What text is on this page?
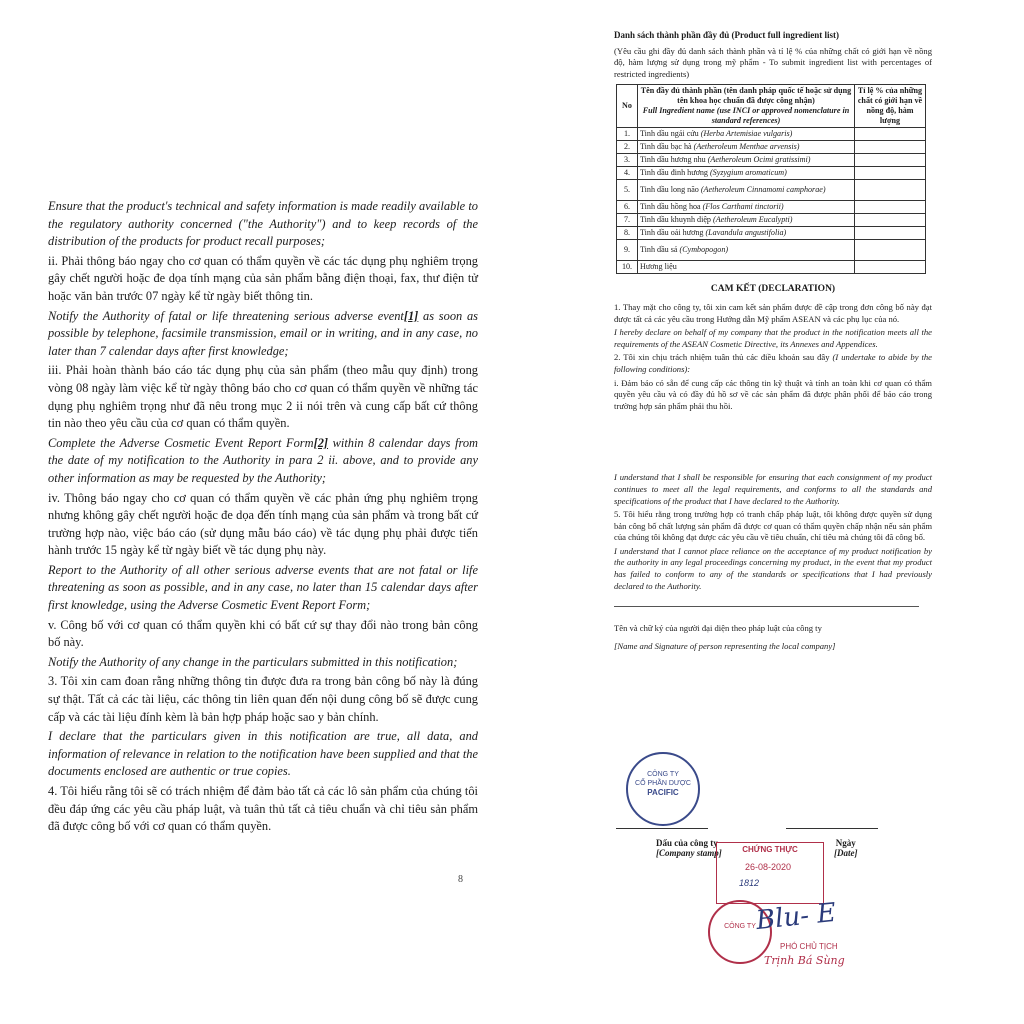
Ensure that the product's technical and safety information is made readily available to the regulatory authority concerned ("the Authority") and to keep records of the distribution of the products for product recall purposes;

ii. Phải thông báo ngay cho cơ quan có thẩm quyền về các tác dụng phụ nghiêm trọng gây chết người hoặc đe dọa tính mạng của sản phẩm bằng điện thoại, fax, thư điện tử hoặc văn bản trước 07 ngày kể từ ngày biết thông tin.

Notify the Authority of fatal or life threatening serious adverse event[1] as soon as possible by telephone, facsimile transmission, email or in writing, and in any case, no later than 7 calendar days after first knowledge;

iii. Phải hoàn thành báo cáo tác dụng phụ của sản phẩm (theo mẫu quy định) trong vòng 08 ngày làm việc kể từ ngày thông báo cho cơ quan có thẩm quyền về những tác dụng phụ nghiêm trọng như đã nêu trong mục 2 ii nói trên và cung cấp bất cứ thông tin nào theo yêu cầu của cơ quan có thẩm quyền.

Complete the Adverse Cosmetic Event Report Form[2] within 8 calendar days from the date of my notification to the Authority in para 2 ii. above, and to provide any other information as may be requested by the Authority;

iv. Thông báo ngay cho cơ quan có thẩm quyền về các phản ứng phụ nghiêm trọng nhưng không gây chết người hoặc đe dọa đến tính mạng của sản phẩm và trong bất cứ trường hợp nào, việc báo cáo (sử dụng mẫu báo cáo) về tác dụng phụ phải được tiến hành trước 15 ngày kể từ ngày biết về tác dụng phụ này.

Report to the Authority of all other serious adverse events that are not fatal or life threatening as soon as possible, and in any case, no later than 15 calendar days after first knowledge, using the Adverse Cosmetic Event Report Form;

v. Công bố với cơ quan có thẩm quyền khi có bất cứ sự thay đổi nào trong bản công bố này.

Notify the Authority of any change in the particulars submitted in this notification;

3. Tôi xin cam đoan rằng những thông tin được đưa ra trong bản công bố này là đúng sự thật. Tất cả các tài liệu, các thông tin liên quan đến nội dung công bố sẽ được cung cấp và các tài liệu đính kèm là bản hợp pháp hoặc sao y bản chính.

I declare that the particulars given in this notification are true, all data, and information of relevance in relation to the notification have been supplied and that the documents enclosed are authentic or true copies.

4. Tôi hiểu rằng tôi sẽ có trách nhiệm để đảm bảo tất cả các lô sản phẩm của chúng tôi đều đáp ứng các yêu cầu pháp luật, và tuân thủ tất cả tiêu chuẩn và chỉ tiêu sản phẩm đã được công bố với cơ quan có thẩm quyền.

8
Danh sách thành phần đầy đủ (Product full ingredient list)

(Yêu cầu ghi đầy đủ danh sách thành phần và tỉ lệ % của những chất có giới hạn về nồng độ, hàm lượng sử dụng trong mỹ phẩm - To submit ingredient list with percentages of restricted ingredients)

No	Tên đầy đủ thành phần (tên danh pháp quốc tế hoặc sử dụng tên khoa học chuẩn đã được công nhận)
Full Ingredient name (use INCI or approved nomenclature in standard references)	Tỉ lệ % của những chất có giới hạn về nồng độ, hàm lượng
1.	Tinh dầu ngải cứu (Herba Artemisiae vulgaris)	
2.	Tinh dầu bạc hà (Aetheroleum Menthae arvensis)	
3.	Tinh dầu hương nhu (Aetheroleum Ocimi gratissimi)	
4.	Tinh dầu đinh hương (Syzygium aromaticum)	
5.	Tinh dầu long não (Aetheroleum Cinnamomi camphorae)	
6.	Tinh dầu hồng hoa (Flos Carthami tinctorii)	
7.	Tinh dầu khuynh diệp (Aetheroleum Eucalypti)	
8.	Tinh dầu oải hương (Lavandula angustifolia)	
9.	Tinh dầu sả (Cymbopogon)	
10.	Hương liệu	
CAM KẾT (DECLARATION)

1. Thay mặt cho công ty, tôi xin cam kết sản phẩm được đề cập trong đơn công bố này đạt được tất cả các yêu cầu trong Hướng dẫn Mỹ phẩm ASEAN và các phụ lục của nó.

I hereby declare on behalf of my company that the product in the notification meets all the requirements of the ASEAN Cosmetic Directive, its Annexes and Appendices.

2. Tôi xin chịu trách nhiệm tuân thủ các điều khoản sau đây (I undertake to abide by the following conditions):

i. Đảm bảo có sẵn để cung cấp các thông tin kỹ thuật và tính an toàn khi cơ quan có thẩm quyền yêu cầu và có đầy đủ hồ sơ về các sản phẩm đã được phân phối để bảo cáo trong trường hợp sản phẩm phải thu hồi.

I understand that I shall be responsible for ensuring that each consignment of my product continues to meet all the legal requirements, and conforms to all the standards and specifications of the product that I have declared to the Authority.

5. Tôi hiểu rằng trong trường hợp có tranh chấp pháp luật, tôi không được quyền sử dụng bản công bố chất lượng sản phẩm đã được cơ quan có thẩm quyền chấp nhận nếu sản phẩm của chúng tôi không đạt được các yêu cầu về tiêu chuẩn, chỉ tiêu mà chúng tôi đã công bố.

I understand that I cannot place reliance on the acceptance of my product notification by the authority in any legal proceedings concerning my product, in the event that my product has failed to conform to any of the standards or specifications that I had previously declared to the Authority.

Tên và chữ ký của người đại diện theo pháp luật của công ty

[Name and Signature of person representing the local company]

CÔNG TY
CỔ PHẦN DƯỢC
PACIFIC
Dấu của công ty
[Company stamp]
Ngày
[Date]
CHỨNG THỰC
26-08-2020
1812
CÔNG TY
Blu- E
PHÓ CHỦ TỊCH
Trịnh Bá Sùng
